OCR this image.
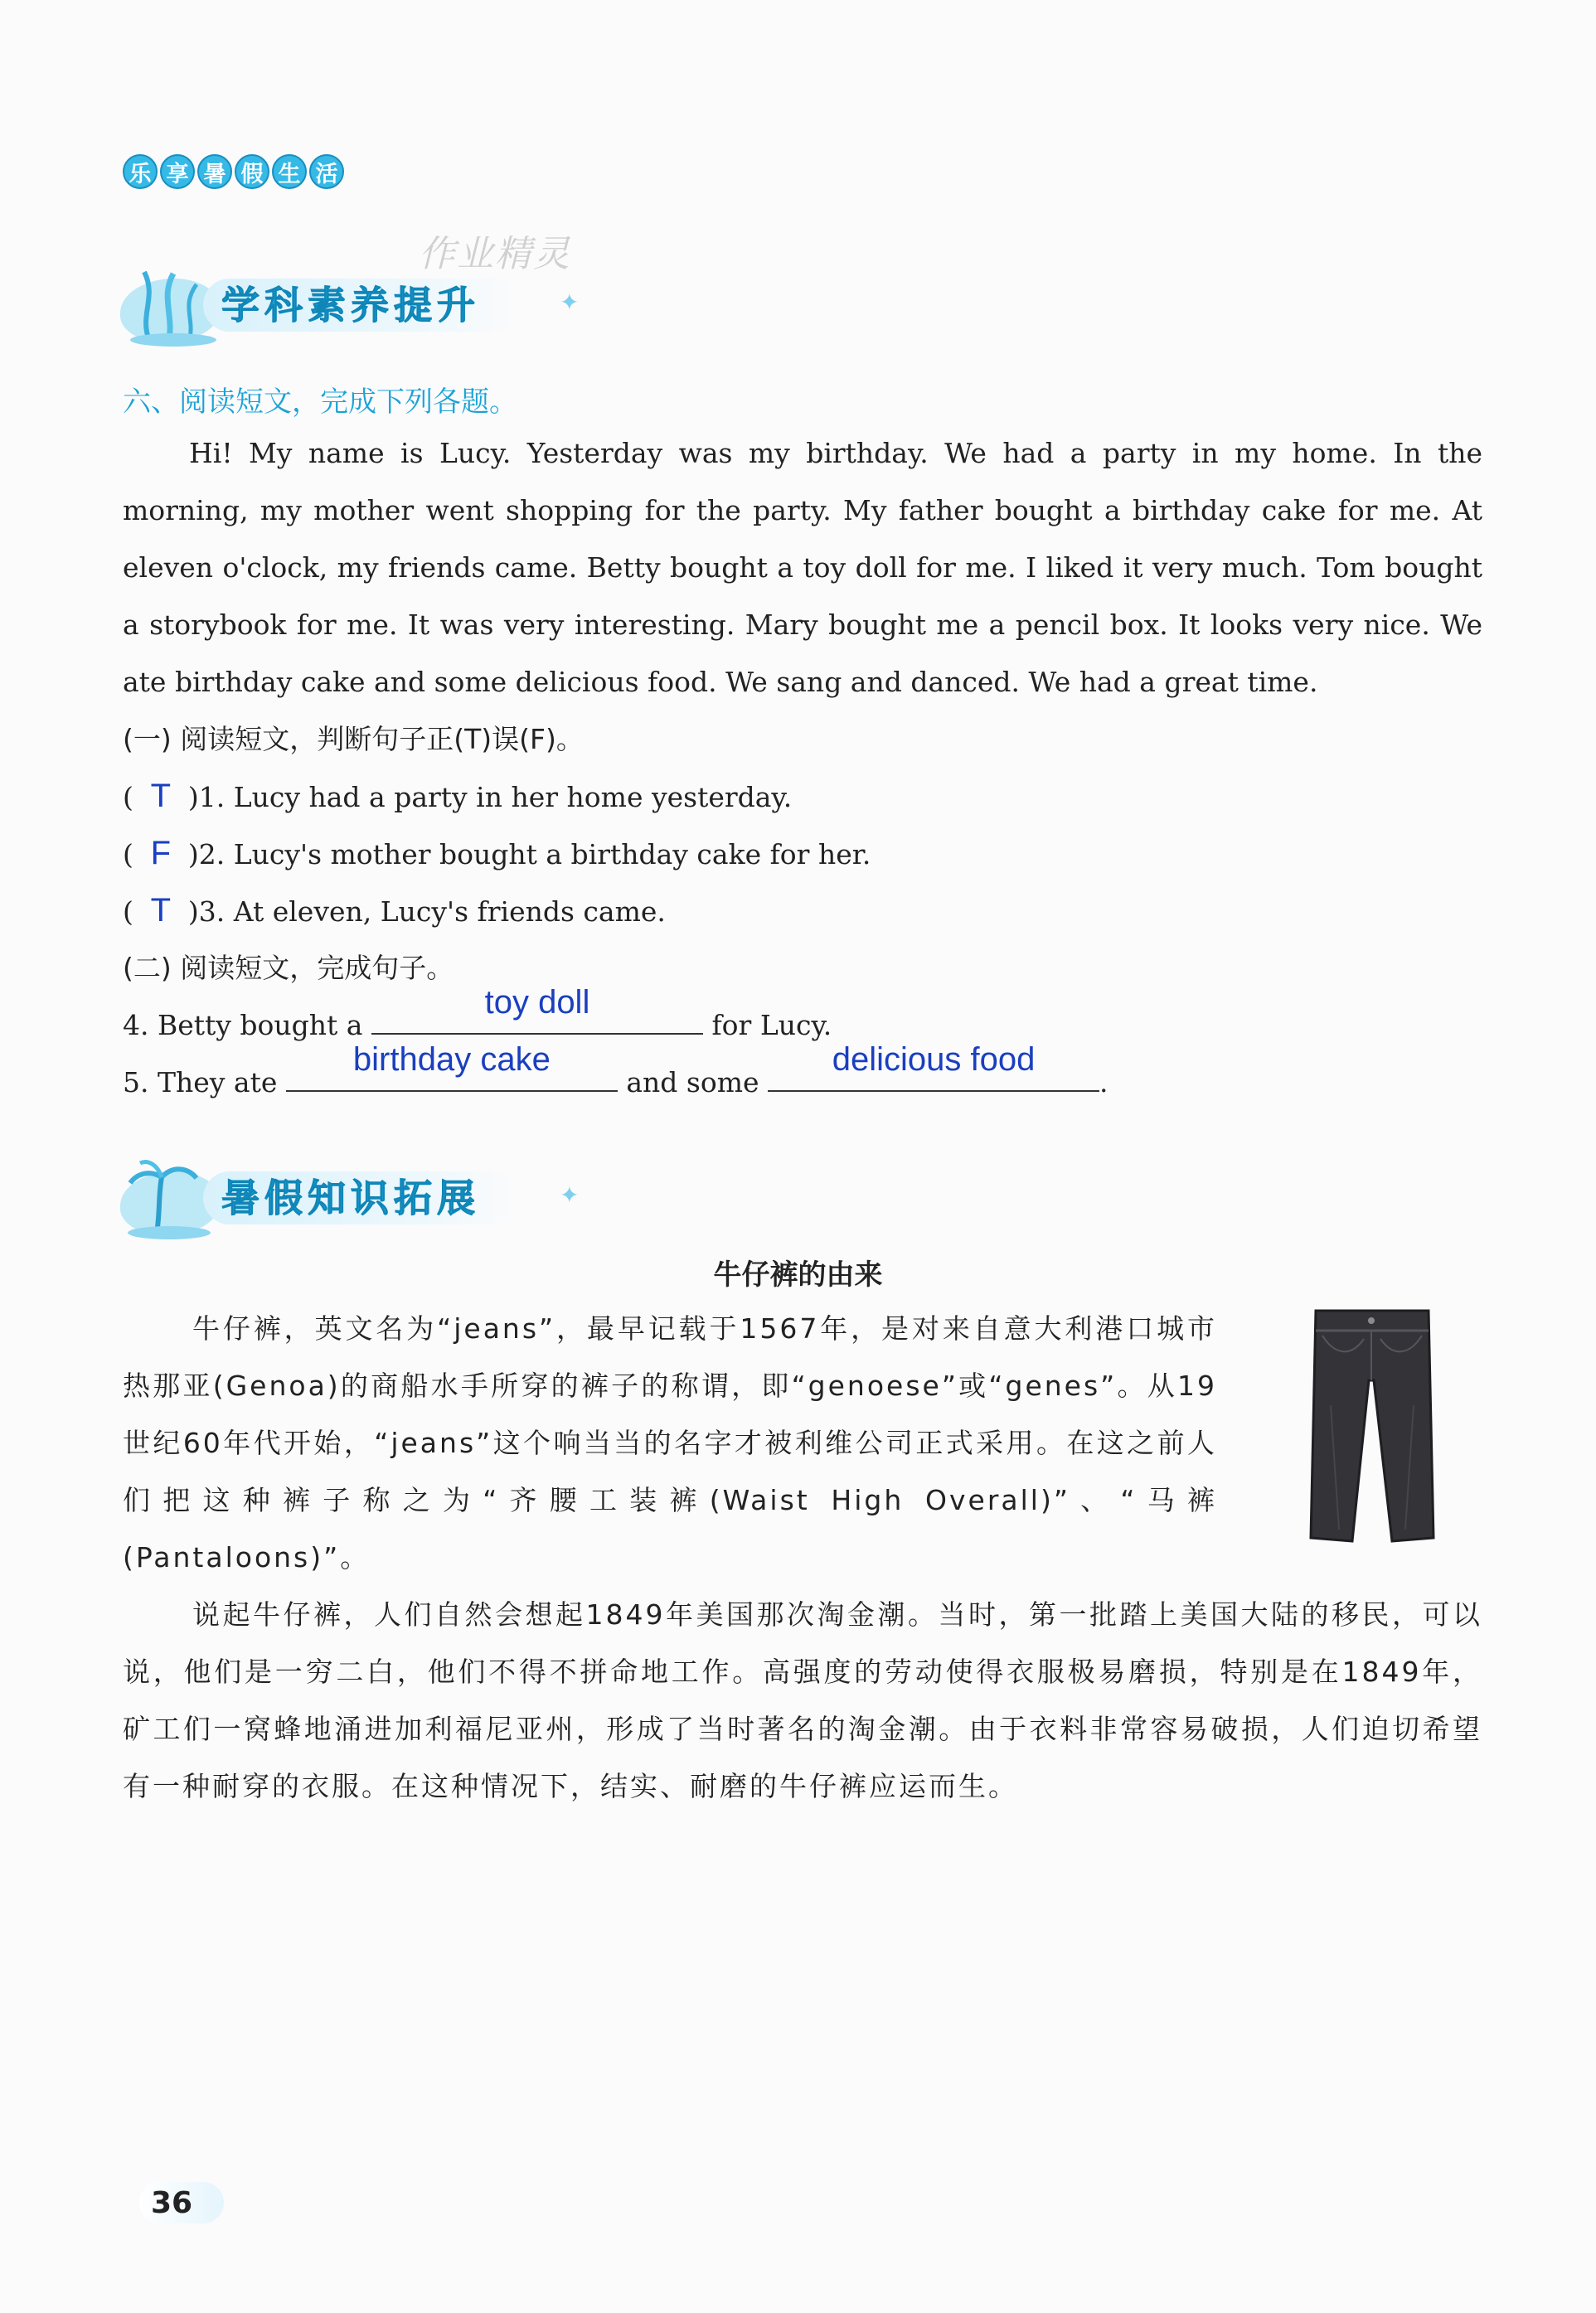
乐 享 暑 假 生 活
作业精灵
学科素养提升	✦
六、阅读短文，完成下列各题。
Hi! My name is Lucy. Yesterday was my birthday. We had a party in my home. In the morning, my mother went shopping for the party. My father bought a birthday cake for me. At eleven o'clock, my friends came. Betty bought a toy doll for me. I liked it very much. Tom bought a storybook for me. It was very interesting. Mary bought me a pencil box. It looks very nice. We ate birthday cake and some delicious food. We sang and danced. We had a great time.
(一) 阅读短文，判断句子正(T)误(F)。
( T )1. Lucy had a party in her home yesterday.
( F )2. Lucy's mother bought a birthday cake for her.
( T )3. At eleven, Lucy's friends came.
(二) 阅读短文，完成句子。
4. Betty bought a
toy doll
for Lucy.
5. They ate
birthday cake
and some
delicious food
.
暑假知识拓展	✦
牛仔裤的由来
牛仔裤，英文名为“jeans”，最早记载于1567年，是对来自意大利港口城市热那亚(Genoa)的商船水手所穿的裤子的称谓，即“genoese”或“genes”。从19世纪60年代开始，“jeans”这个响当当的名字才被利维公司正式采用。在这之前人们把这种裤子称之为“齐腰工装裤(Waist High Overall)”、“马裤(Pantaloons)”。
说起牛仔裤，人们自然会想起1849年美国那次淘金潮。当时，第一批踏上美国大陆的移民，可以说，他们是一穷二白，他们不得不拼命地工作。高强度的劳动使得衣服极易磨损，特别是在1849年，矿工们一窝蜂地涌进加利福尼亚州，形成了当时著名的淘金潮。由于衣料非常容易破损，人们迫切希望有一种耐穿的衣服。在这种情况下，结实、耐磨的牛仔裤应运而生。
36
